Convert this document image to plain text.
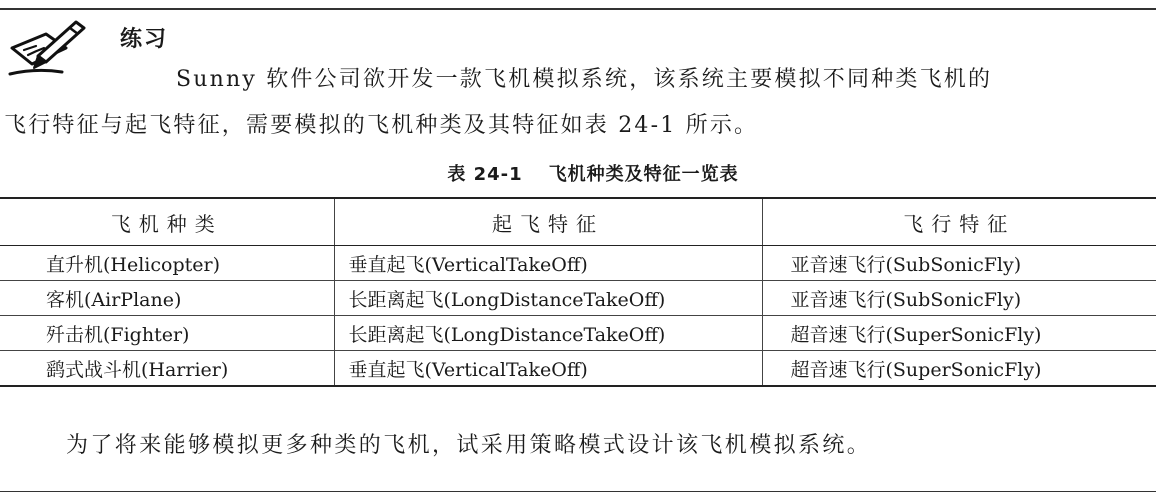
练习
Sunny 软件公司欲开发一款飞机模拟系统，该系统主要模拟不同种类飞机的
飞行特征与起飞特征，需要模拟的飞机种类及其特征如表 24-1 所示。
表 24-1 飞机种类及特征一览表
飞机种类	起飞特征	飞行特征
直升机(Helicopter)	垂直起飞(VerticalTakeOff)	亚音速飞行(SubSonicFly)
客机(AirPlane)	长距离起飞(LongDistanceTakeOff)	亚音速飞行(SubSonicFly)
歼击机(Fighter)	长距离起飞(LongDistanceTakeOff)	超音速飞行(SuperSonicFly)
鹞式战斗机(Harrier)	垂直起飞(VerticalTakeOff)	超音速飞行(SuperSonicFly)
为了将来能够模拟更多种类的飞机，试采用策略模式设计该飞机模拟系统。
